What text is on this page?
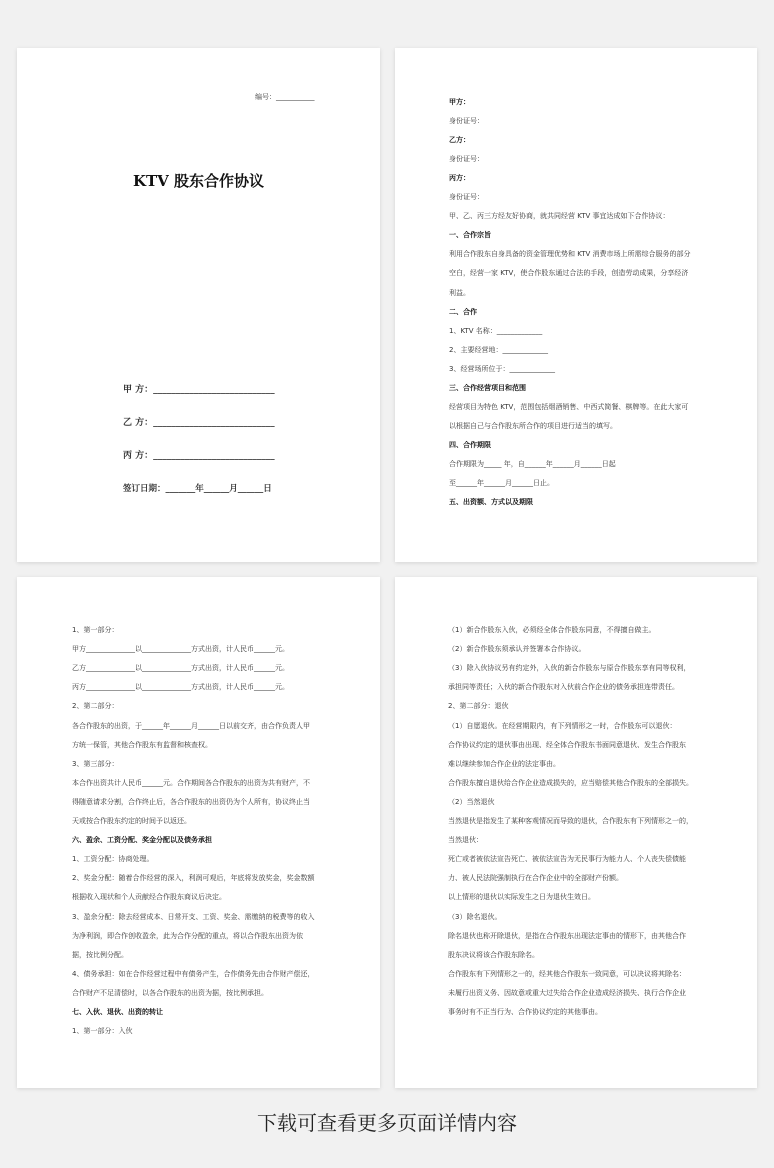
编号：___________
KTV 股东合作协议
甲 方：___________________________
乙 方：___________________________
丙 方：___________________________
签订日期：_______年______月______日
甲方：
身份证号：
乙方：
身份证号：
丙方：
身份证号：
甲、乙、丙三方经友好协商，就共同经营 KTV 事宜达成如下合作协议：
一、合作宗旨
利用合作股东自身具备的资金管理优势和 KTV 消费市场上所需综合服务的部分
空白，经营一家 KTV，使合作股东通过合法的手段，创造劳动成果，分享经济
利益。
二、合作
1、KTV 名称：_____________
2、主要经营地：_____________
3、经营场所位于：_____________
三、合作经营项目和范围
经营项目为特色 KTV，范围包括烟酒销售、中西式简餐、棋牌等。在此大家可
以根据自己与合作股东所合作的项目进行适当的填写。
四、合作期限
合作期限为_____ 年，自______年______月______日起
至______年______月______日止。
五、出资额、方式以及期限
1、第一部分：
甲方______________以______________方式出资，计人民币______元。
乙方______________以______________方式出资，计人民币______元。
丙方______________以______________方式出资，计人民币______元。
2、第二部分：
各合作股东的出资，于______年______月______日以前交齐，由合作负责人甲
方统一保管，其他合作股东有监督和核查权。
3、第三部分：
本合作出资共计人民币______元。合作期间各合作股东的出资为共有财产，不
得随意请求分割，合作终止后，各合作股东的出资仍为个人所有，协议终止当
天或按合作股东约定的时间予以返还。
六、盈余、工资分配、奖金分配以及债务承担
1、工资分配：协商处理。
2、奖金分配：随着合作经营的深入，利润可观后，年底将发放奖金，奖金数额
根据收入现状和个人贡献经合作股东商议后决定。
3、盈余分配：除去经营成本、日常开支、工资、奖金、需缴纳的税费等的收入
为净利润，即合作创收盈余，此为合作分配的重点，将以合作股东出资为依
据，按比例分配。
4、债务承担：如在合作经营过程中有债务产生，合作债务先由合作财产偿还，
合作财产不足清偿时，以各合作股东的出资为据，按比例承担。
七、入伙、退伙、出资的转让
1、第一部分：入伙
（1）新合作股东入伙，必须经全体合作股东同意，不得擅自做主。
（2）新合作股东须承认并签署本合作协议。
（3）除入伙协议另有约定外，入伙的新合作股东与原合作股东享有同等权利，
承担同等责任；入伙的新合作股东对入伙前合作企业的债务承担连带责任。
2、第二部分：退伙
（1）自愿退伙。在经营期限内，有下列情形之一时，合作股东可以退伙：
合作协议约定的退伙事由出现、经全体合作股东书面同意退伙、发生合作股东
难以继续参加合作企业的法定事由。
合作股东擅自退伙给合作企业造成损失的，应当赔偿其他合作股东的全部损失。
（2）当然退伙
当然退伙是指发生了某种客观情况而导致的退伙，合作股东有下列情形之一的，
当然退伙：
死亡或者被依法宣告死亡、被依法宣告为无民事行为能力人、个人丧失偿债能
力、被人民法院强制执行在合作企业中的全部财产份额。
以上情形的退伙以实际发生之日为退伙生效日。
（3）除名退伙。
除名退伙也称开除退伙，是指在合作股东出现法定事由的情形下，由其他合作
股东决议将该合作股东除名。
合作股东有下列情形之一的，经其他合作股东一致同意，可以决议将其除名：
未履行出资义务、因故意或重大过失给合作企业造成经济损失、执行合作企业
事务时有不正当行为、合作协议约定的其他事由。
下载可查看更多页面详情内容
